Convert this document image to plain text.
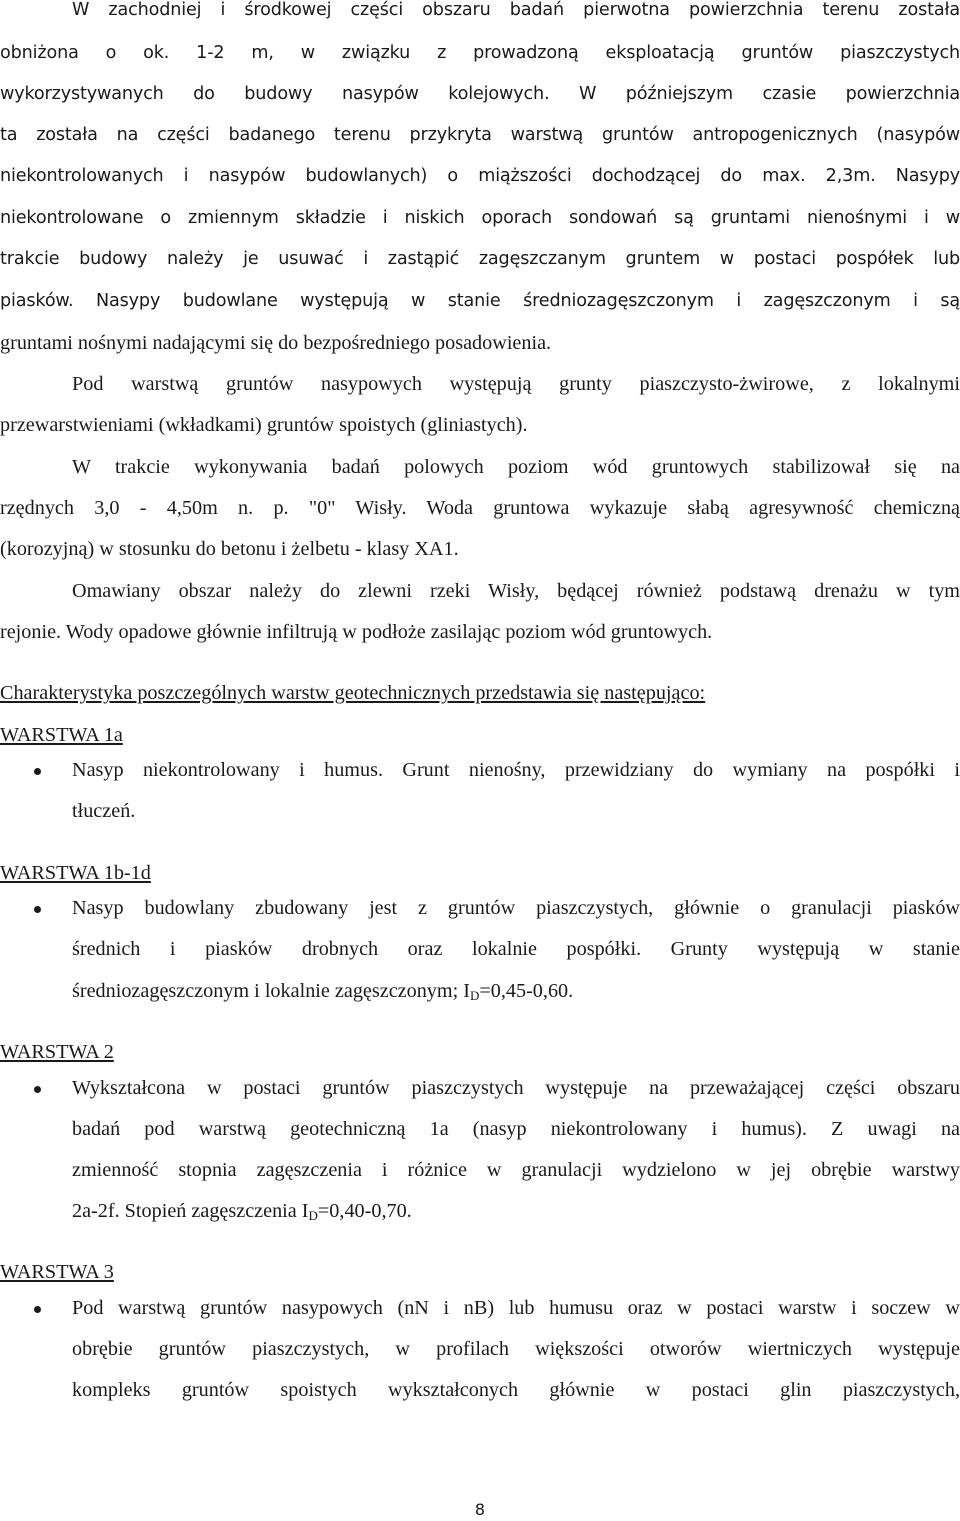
W zachodniej i środkowej części obszaru badań pierwotna powierzchnia terenu została

obniżona o ok. 1-2 m, w związku z prowadzoną eksploatacją gruntów piaszczystych

wykorzystywanych do budowy nasypów kolejowych. W późniejszym czasie powierzchnia

ta została na części badanego terenu przykryta warstwą gruntów antropogenicznych (nasypów

niekontrolowanych i nasypów budowlanych) o miąższości dochodzącej do max. 2,3m. Nasypy

niekontrolowane o zmiennym składzie i niskich oporach sondowań są gruntami nienośnymi i w

trakcie budowy należy je usuwać i zastąpić zagęszczanym gruntem w postaci pospółek lub

piasków. Nasypy budowlane występują w stanie średniozagęszczonym i zagęszczonym i są

gruntami nośnymi nadającymi się do bezpośredniego posadowienia.

Pod warstwą gruntów nasypowych występują grunty piaszczysto-żwirowe, z lokalnymi

przewarstwieniami (wkładkami) gruntów spoistych (gliniastych).

W trakcie wykonywania badań polowych poziom wód gruntowych stabilizował się na

rzędnych 3,0 - 4,50m n. p. "0" Wisły. Woda gruntowa wykazuje słabą agresywność chemiczną

(korozyjną) w stosunku do betonu i żelbetu - klasy XA1.

Omawiany obszar należy do zlewni rzeki Wisły, będącej również podstawą drenażu w tym

rejonie. Wody opadowe głównie infiltrują w podłoże zasilając poziom wód gruntowych.

Charakterystyka poszczególnych warstw geotechnicznych przedstawia się następująco:

WARSTWA 1a

Nasyp niekontrolowany i humus. Grunt nienośny, przewidziany do wymiany na pospółki i

tłuczeń.

WARSTWA 1b-1d

Nasyp budowlany zbudowany jest z gruntów piaszczystych, głównie o granulacji piasków

średnich i piasków drobnych oraz lokalnie pospółki. Grunty występują w stanie

średniozagęszczonym i lokalnie zagęszczonym; $I_D=0,45-0,60$.

WARSTWA 2

Wykształcona w postaci gruntów piaszczystych występuje na przeważającej części obszaru

badań pod warstwą geotechniczną 1a (nasyp niekontrolowany i humus). Z uwagi na

zmienność stopnia zagęszczenia i różnice w granulacji wydzielono w jej obrębie warstwy

2a-2f. Stopień zagęszczenia $I_D=0,40-0,70$.

WARSTWA 3

Pod warstwą gruntów nasypowych (nN i nB) lub humusu oraz w postaci warstw i soczew w

obrębie gruntów piaszczystych, w profilach większości otworów wiertniczych występuje

kompleks gruntów spoistych wykształconych głównie w postaci glin piaszczystych,

8
